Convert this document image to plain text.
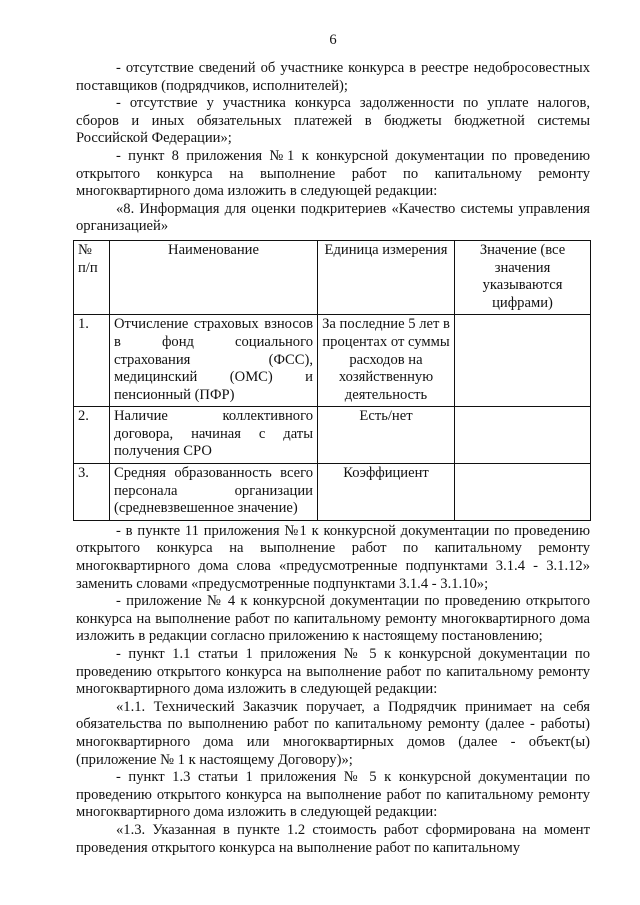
6

- отсутствие сведений об участнике конкурса в реестре недобросовестных поставщиков (подрядчиков, исполнителей);

- отсутствие у участника конкурса задолженности по уплате налогов, сборов и иных обязательных платежей в бюджеты бюджетной системы Российской Федерации»;

- пункт 8 приложения №1 к конкурсной документации по проведению открытого конкурса на выполнение работ по капитальному ремонту многоквартирного дома изложить в следующей редакции:

«8. Информация для оценки подкритериев «Качество системы управления организацией»

№ п/п	Наименование	Единица измерения	Значение (все значения указываются цифрами)
1.	Отчисление страховых взносов в фонд социального страхования (ФСС), медицинский (ОМС) и пенсионный (ПФР)	За последние 5 лет в процентах от суммы расходов на хозяйственную деятельность	
2.	Наличие коллективного договора, начиная с даты получения СРО	Есть/нет	
3.	Средняя образованность всего персонала организации (средневзвешенное значение)	Коэффициент	

- в пункте 11 приложения №1 к конкурсной документации по проведению открытого конкурса на выполнение работ по капитальному ремонту многоквартирного дома слова «предусмотренные подпунктами 3.1.4 - 3.1.12» заменить словами «предусмотренные подпунктами 3.1.4 - 3.1.10»;

- приложение № 4 к конкурсной документации по проведению открытого конкурса на выполнение работ по капитальному ремонту многоквартирного дома изложить в редакции согласно приложению к настоящему постановлению;

- пункт 1.1 статьи 1 приложения № 5 к конкурсной документации по проведению открытого конкурса на выполнение работ по капитальному ремонту многоквартирного дома изложить в следующей редакции:

«1.1. Технический Заказчик поручает, а Подрядчик принимает на себя обязательства по выполнению работ по капитальному ремонту (далее - работы) многоквартирного дома или многоквартирных домов (далее - объект(ы) (приложение № 1 к настоящему Договору)»;

- пункт 1.3 статьи 1 приложения № 5 к конкурсной документации по проведению открытого конкурса на выполнение работ по капитальному ремонту многоквартирного дома изложить в следующей редакции:

«1.3. Указанная в пункте 1.2 стоимость работ сформирована на момент проведения открытого конкурса на выполнение работ по капитальному
